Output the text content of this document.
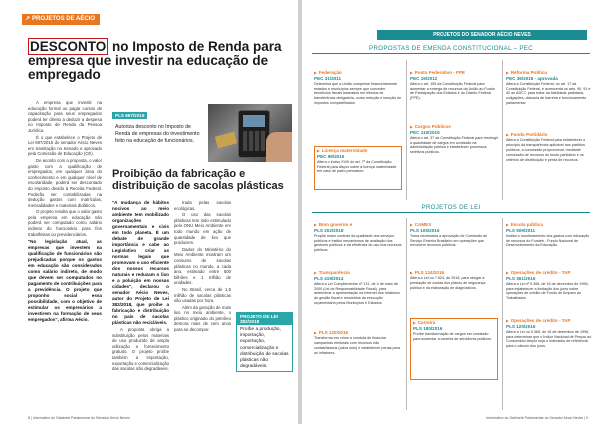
↗ PROJETOS DE AÉCIO
DESCONTO no Imposto de Renda para empresa que investir na educação de empregado

A empresa que investir na educação formal ou pagar cursos de capacitação para seus empregados poderá ter direito a deduzir a despesa no Imposto de Renda da Pessoa Jurídica.

É o que estabelece o Projeto de Lei 697/2015 do senador Aécio Neves em tramitação no Senado e aprovado pela Comissão de Educação (CE).

De acordo com a proposta, o valor gasto com a qualificação de empregados, em qualquer área do conhecimento e em qualquer nível de escolaridade, poderá ser descontado do imposto devido à Receita Federal. Poderão ser contabilizadas na dedução gastos com matrículas, mensalidades e materiais didáticos.

O projeto resulta que o valor gasto pela empresa em educação não poderá ser computado como salário indireto do funcionário para fins trabalhistas ou previdenciários.

"No legislação atual, as empresas que investem na qualificação de funcionários são prejudicadas porque os gastos em educação são considerados como salário indireto, de modo que devem ser computados no pagamento de contribuições para a previdência. O projeto que proponho social essa possibilidade, com o objetivo de estimular os empresários a investirem na formação de seus empregados", afirma Aécio.

PLS 697/2015
Autoriza desconto no Imposto de Renda de empresas do investimento feito na educação de funcionários.
Proibição da fabricação e distribuição de sacolas plásticas

"A mudança de hábitos nocivos ao meio ambiente tem mobilizado organizações governamentais e civis em todo planeta. É um debate de grande importância e cabe ao Legislativo criar as normas legais que promovam o uso eficiente dos nossos recursos naturais e reduzam o lixo e a poluição em nossas cidades", declarou o senador Aécio Neves, autor do Projeto de Lei 382/2018, que proíbe a fabricação e distribuição no país de sacolas plásticas não recicláveis.

A proposta obriga a substituição pelos materiais de uso produzido de ampla utilização e fornecimento gratuito. O projeto proíbe também a importação, exportação e comercialização das sacolas não degradáveis.

trada pelas sacolas ecológicas.

O uso das sacolas plásticas tem sido estimulado pelo ONU Meio Ambiente em todo mundo em ação de quantidade de lixo que produzem.

Dados do Ministério do Meio Ambiente mostram um consumo de sacolas plásticas no mundo, a cada ano, estimado entre 500 bilhões e 1 trilhão de unidades.

No Brasil, cerca de 1,5 milhão de sacolas plásticas são usadas por hora.

Além da geração de mais lixo no meio ambiente, o plástico originado do petróleo demora mais de cem anos para se decompor.

PROJETO DE LEI 382/2018
Proíbe a produção, importação, exportação, comercialização e distribuição de sacolas plásticas não degradáveis.
8 | Informativo do Gabinete Parlamentar do Senador Aécio Neves
PROJETOS DO SENADOR AÉCIO NEVES
PROPOSTAS DE EMENDA CONSTITUCIONAL – PEC
▶ Federação
PEC 31/2011
Determina que a União compense financeiramente estados e municípios sempre que conceder benefícios fiscais baseados em tributos de transferência obrigatória, como redução e isenção de impostos compartilhados.
▶ Posto Federativo - FPE
PEC 19/2012
Altera o art. 159 da Constituição Federal para aumentar a entrega de recursos da União ao Fundo de Participação dos Estados e do Distrito Federal (FPE).
▶ Reforma Política
PEC 36/2016 - aprovada
Altera a Constituição Federal, no art. 17 da Constituição Federal, e acrescenta os arts. 90, 91 e 92 ao ADCT, para tratar da fidelidade partidária, coligações, cláusula de barreira e funcionamento parlamentar.
▶ Licença maternidade
PEC 99/2015
Altera o inciso XVIII do art. 7º da Constituição Federal para dispor sobre a licença maternidade em caso de parto prematuro.
▶ Cargos Públicos
PEC 110/2015
Altera o art. 37 da Constituição Federal para restringir a quantidade de cargos em comissão na administração pública e estabelecer processos seletivos públicos.
▶ Fundo Partidário
Altera a Constituição Federal para estabelecer o princípio da transparência aplicável aos partidos políticos, a concessão proporcional, mediante concessão de recursos do fundo partidário e os critérios de distribuição e perda de recursos.
PROJETOS DE LEI
▶ Bom governo e
PLS 202/2018
Propõe maior controle da qualidade dos serviços públicos e institui mecanismos de avaliação dos gestores públicos e da eficiência do uso dos recursos públicos.
▶ CAMEX
PLS 105/2016
Torna necessária a aprovação de Comissão de Serviço Exterior Brasileiro em operações que envolvem recursos públicos.
▶ Escola pública
PLS 509/2011
Institui o monitoramento dos gastos com educação de recursos do Fundeb - Fundo Nacional de Desenvolvimento da Educação.
▶ Transparência
PLS 419/2014
Altera a Lei Complementar nº 131, de 4 de maio de 2000 (Lei de Responsabilidade Fiscal), para determinar a apresentação na Internet dos relatórios de gestão fiscal e resumidos da execução orçamentária pelos Municípios e Estados.
▶ PLS 124/2016
Altera a Lei no 7.624, de 2018, para obrigar a prestação de contas dos planos de segurança pública e da elaboração de diagnósticos.
▶ Operações de crédito - TAP
PLS 361/2016
Altera a Lei nº 9.365, de 16 de dezembro de 1996, para estabelecer a limitação dos juros sobre operações de crédito de Fundo de Amparo ao Trabalhador.
▶ PLS 120/2016
Transforma em crime a conduta de financiar campanhas eleitorais com recursos não contabilizados (caixa dois) e estabelecer penas para os infratores.
▶ Carreira
PLS 180/2016
Proíbe transformação de cargos em comissão para sustentar a carreira de servidores públicos.
▶ Operações de crédito - TAP
PLS 120/2016
Altera a Lei no 9.365, de 16 de dezembro de 1996, para determinar que o Índice Nacional de Preços ao Consumidor Amplo seja o indexador de referência para o cálculo dos juros.
Informativo do Gabinete Parlamentar do Senador Aécio Neves | 9
